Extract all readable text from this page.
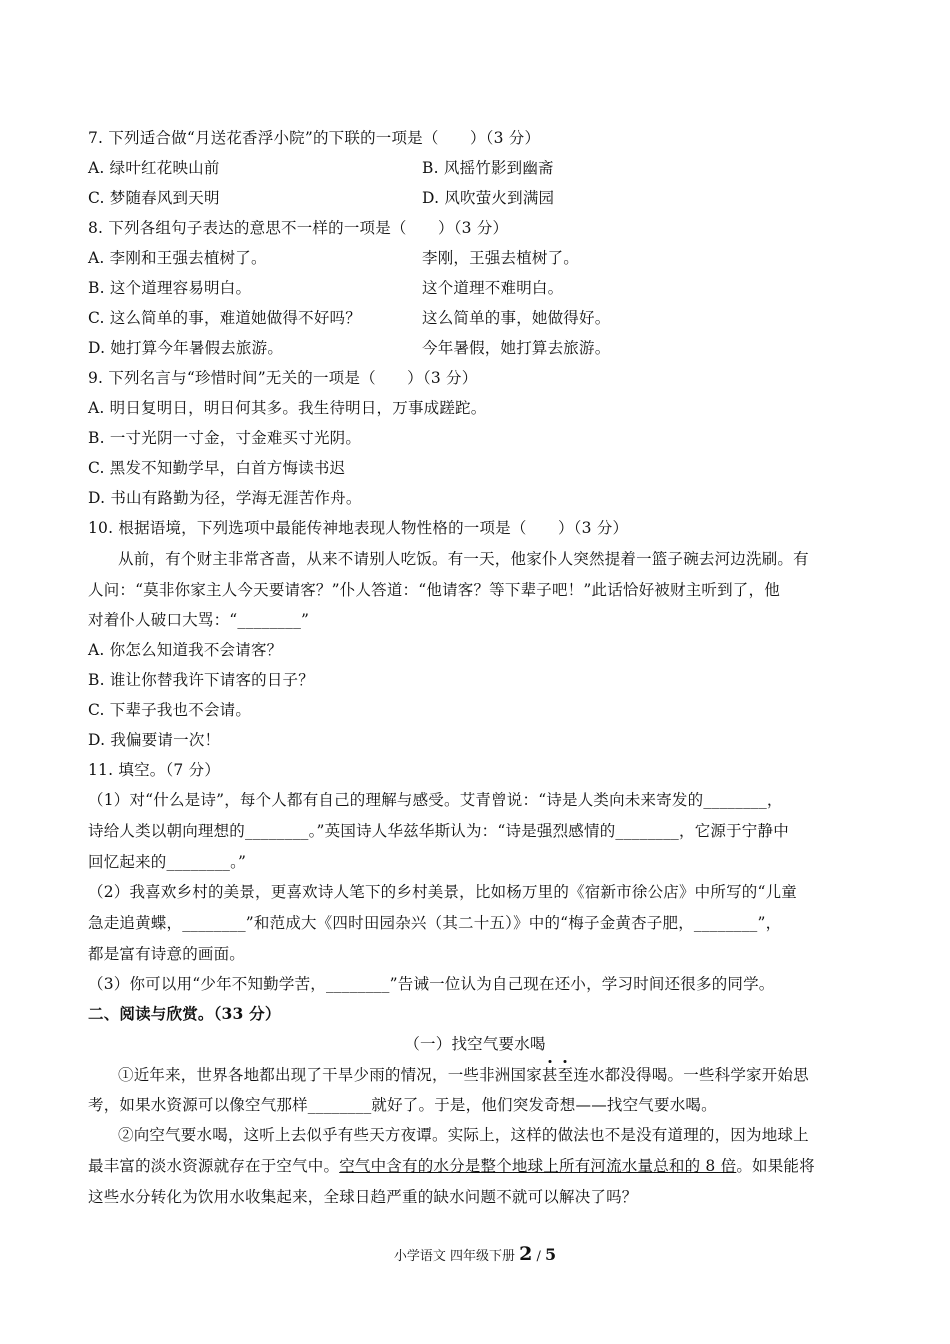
7. 下列适合做“月送花香浮小院”的下联的一项是（　　）（3 分）
A. 绿叶红花映山前	B. 风摇竹影到幽斋
C. 梦随春风到天明	D. 风吹萤火到满园
8. 下列各组句子表达的意思不一样的一项是（　　）（3 分）
A. 李刚和王强去植树了。	李刚，王强去植树了。
B. 这个道理容易明白。	这个道理不难明白。
C. 这么简单的事，难道她做得不好吗？	这么简单的事，她做得好。
D. 她打算今年暑假去旅游。	今年暑假，她打算去旅游。
9. 下列名言与“珍惜时间”无关的一项是（　　）（3 分）
A. 明日复明日，明日何其多。我生待明日，万事成蹉跎。
B. 一寸光阴一寸金，寸金难买寸光阴。
C. 黑发不知勤学早，白首方悔读书迟
D. 书山有路勤为径，学海无涯苦作舟。
10. 根据语境，下列选项中最能传神地表现人物性格的一项是（　　）（3 分）
从前，有个财主非常吝啬，从来不请别人吃饭。有一天，他家仆人突然提着一篮子碗去河边洗刷。有
人问：“莫非你家主人今天要请客？”仆人答道：“他请客？等下辈子吧！”此话恰好被财主听到了，他
对着仆人破口大骂：“________”
A. 你怎么知道我不会请客？
B. 谁让你替我许下请客的日子？
C. 下辈子我也不会请。
D. 我偏要请一次！
11. 填空。（7 分）
（1）对“什么是诗”，每个人都有自己的理解与感受。艾青曾说：“诗是人类向未来寄发的________，
诗给人类以朝向理想的________。”英国诗人华兹华斯认为：“诗是强烈感情的________，它源于宁静中
回忆起来的________。”
（2）我喜欢乡村的美景，更喜欢诗人笔下的乡村美景，比如杨万里的《宿新市徐公店》中所写的“儿童
急走追黄蝶，________”和范成大《四时田园杂兴（其二十五）》中的“梅子金黄杏子肥，________”，
都是富有诗意的画面。
（3）你可以用“少年不知勤学苦，________”告诫一位认为自己现在还小，学习时间还很多的同学。
二、阅读与欣赏。（33 分）
（一）找空气要水喝
①近年来，世界各地都出现了干旱少雨的情况，一些非洲国家甚至连水都没得喝。一些科学家开始思
考，如果水资源可以像空气那样________就好了。于是，他们突发奇想——找空气要水喝。
②向空气要水喝，这听上去似乎有些天方夜谭。实际上，这样的做法也不是没有道理的，因为地球上
最丰富的淡水资源就存在于空气中。空气中含有的水分是整个地球上所有河流水量总和的 8 倍。如果能将
这些水分转化为饮用水收集起来，全球日趋严重的缺水问题不就可以解决了吗？
小学语文 四年级下册 2 / 5
